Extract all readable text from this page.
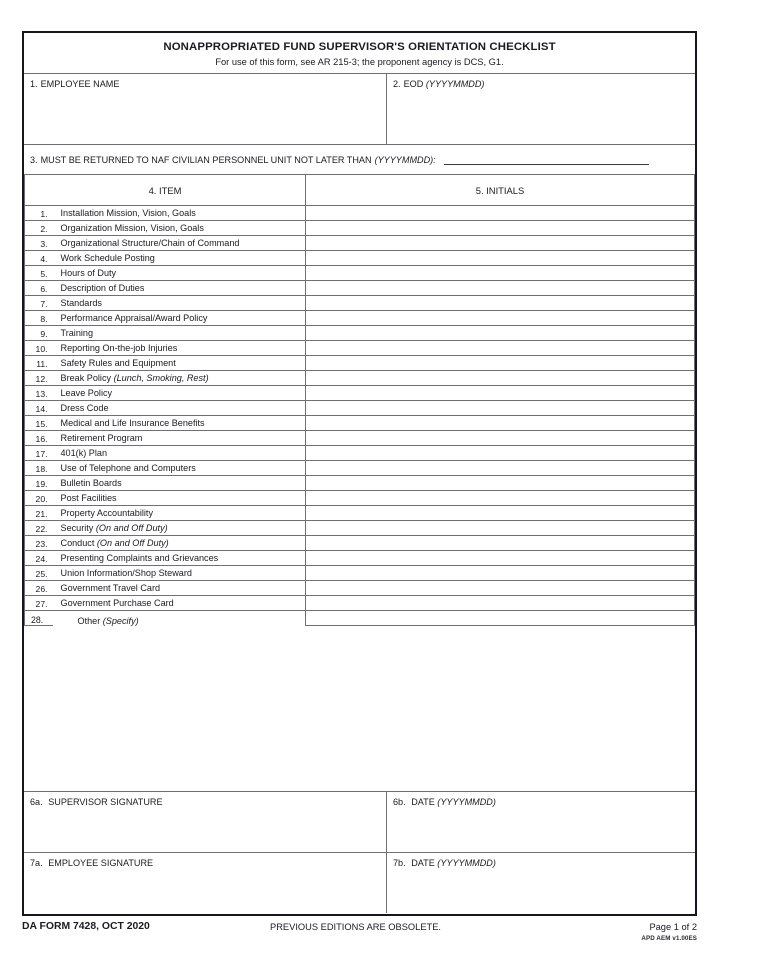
NONAPPROPRIATED FUND SUPERVISOR'S ORIENTATION CHECKLIST
For use of this form, see AR 215-3; the proponent agency is DCS, G1.
1. EMPLOYEE NAME	2. EOD (YYYYMMDD)
3. MUST BE RETURNED TO NAF CIVILIAN PERSONNEL UNIT NOT LATER THAN (YYYYMMDD):
4. ITEM		5. INITIALS
1.	Installation Mission, Vision, Goals	
2.	Organization Mission, Vision, Goals	
3.	Organizational Structure/Chain of Command	
4.	Work Schedule Posting	
5.	Hours of Duty	
6.	Description of Duties	
7.	Standards	
8.	Performance Appraisal/Award Policy	
9.	Training	
10.	Reporting On-the-job Injuries	
11.	Safety Rules and Equipment	
12.	Break Policy (Lunch, Smoking, Rest)	
13.	Leave Policy	
14.	Dress Code	
15.	Medical and Life Insurance Benefits	
16.	Retirement Program	
17.	401(k) Plan	
18.	Use of Telephone and Computers	
19.	Bulletin Boards	
20.	Post Facilities	
21.	Property Accountability	
22.	Security (On and Off Duty)	
23.	Conduct (On and Off Duty)	
24.	Presenting Complaints and Grievances	
25.	Union Information/Shop Steward	
26.	Government Travel Card	
27.	Government Purchase Card	
28.	Other (Specify)	
6a. SUPERVISOR SIGNATURE	6b. DATE (YYYYMMDD)
7a. EMPLOYEE SIGNATURE	7b. DATE (YYYYMMDD)
DA FORM 7428, OCT 2020	PREVIOUS EDITIONS ARE OBSOLETE.	Page 1 of 2
APD AEM v1.00ES
